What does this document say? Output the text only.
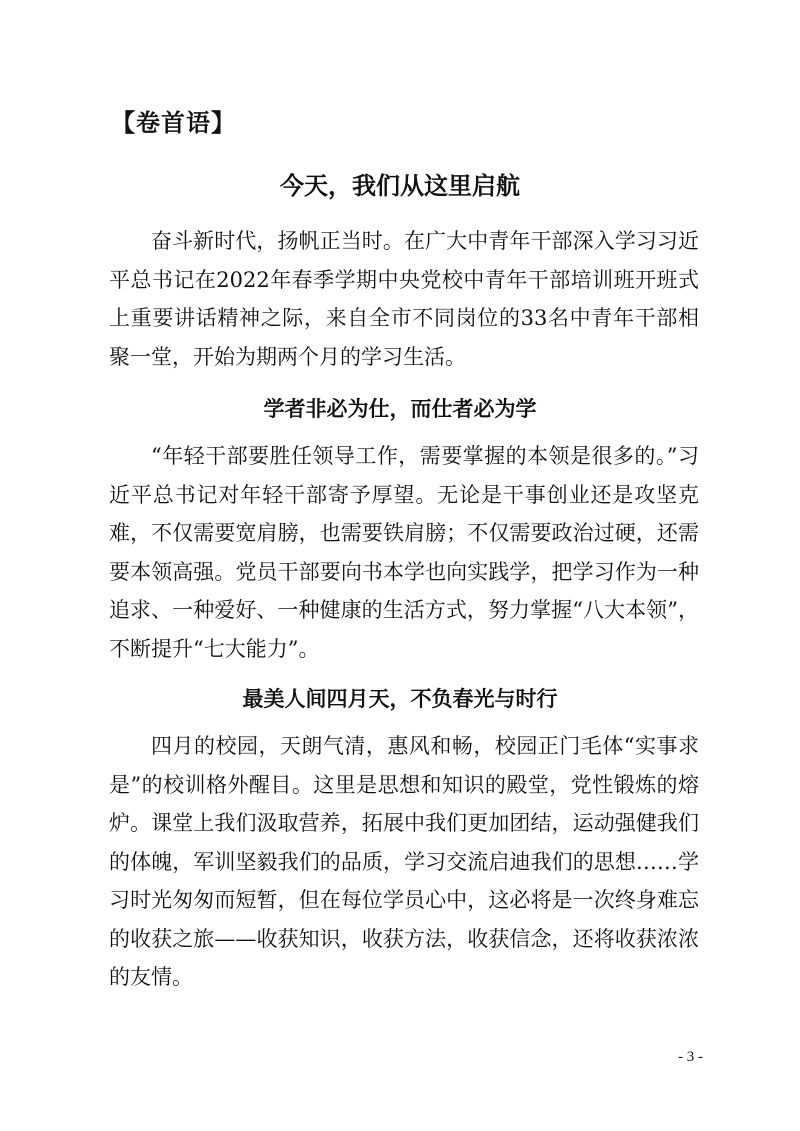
【卷首语】
今天，我们从这里启航

奋斗新时代，扬帆正当时。在广大中青年干部深入学习习近平总书记在2022年春季学期中央党校中青年干部培训班开班式上重要讲话精神之际，来自全市不同岗位的33名中青年干部相聚一堂，开始为期两个月的学习生活。

学者非必为仕，而仕者必为学

“年轻干部要胜任领导工作，需要掌握的本领是很多的。”习近平总书记对年轻干部寄予厚望。无论是干事创业还是攻坚克难，不仅需要宽肩膀，也需要铁肩膀；不仅需要政治过硬，还需要本领高强。党员干部要向书本学也向实践学，把学习作为一种追求、一种爱好、一种健康的生活方式，努力掌握“八大本领”，不断提升“七大能力”。

最美人间四月天，不负春光与时行

四月的校园，天朗气清，惠风和畅，校园正门毛体“实事求是”的校训格外醒目。这里是思想和知识的殿堂，党性锻炼的熔炉。课堂上我们汲取营养，拓展中我们更加团结，运动强健我们的体魄，军训坚毅我们的品质，学习交流启迪我们的思想……学习时光匆匆而短暂，但在每位学员心中，这必将是一次终身难忘的收获之旅——收获知识，收获方法，收获信念，还将收获浓浓的友情。

- 3 -
